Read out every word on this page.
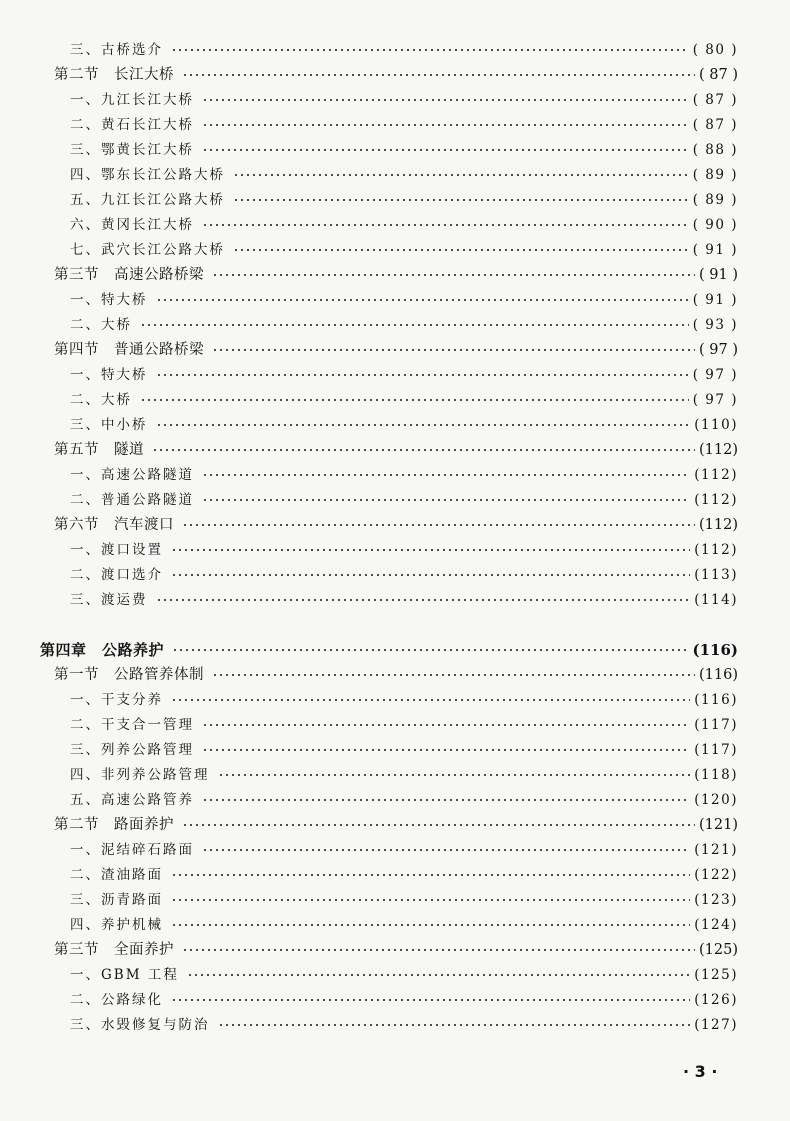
三、古桥选介	( 80 )
第二节　长江大桥	( 87 )
一、九江长江大桥	( 87 )
二、黄石长江大桥	( 87 )
三、鄂黄长江大桥	( 88 )
四、鄂东长江公路大桥	( 89 )
五、九江长江公路大桥	( 89 )
六、黄冈长江大桥	( 90 )
七、武穴长江公路大桥	( 91 )
第三节　高速公路桥梁	( 91 )
一、特大桥	( 91 )
二、大桥	( 93 )
第四节　普通公路桥梁	( 97 )
一、特大桥	( 97 )
二、大桥	( 97 )
三、中小桥	(110)
第五节　隧道	(112)
一、高速公路隧道	(112)
二、普通公路隧道	(112)
第六节　汽车渡口	(112)
一、渡口设置	(112)
二、渡口选介	(113)
三、渡运费	(114)
第四章　公路养护	(116)
第一节　公路管养体制	(116)
一、干支分养	(116)
二、干支合一管理	(117)
三、列养公路管理	(117)
四、非列养公路管理	(118)
五、高速公路管养	(120)
第二节　路面养护	(121)
一、泥结碎石路面	(121)
二、渣油路面	(122)
三、沥青路面	(123)
四、养护机械	(124)
第三节　全面养护	(125)
一、GBM 工程	(125)
二、公路绿化	(126)
三、水毁修复与防治	(127)
· 3 ·
